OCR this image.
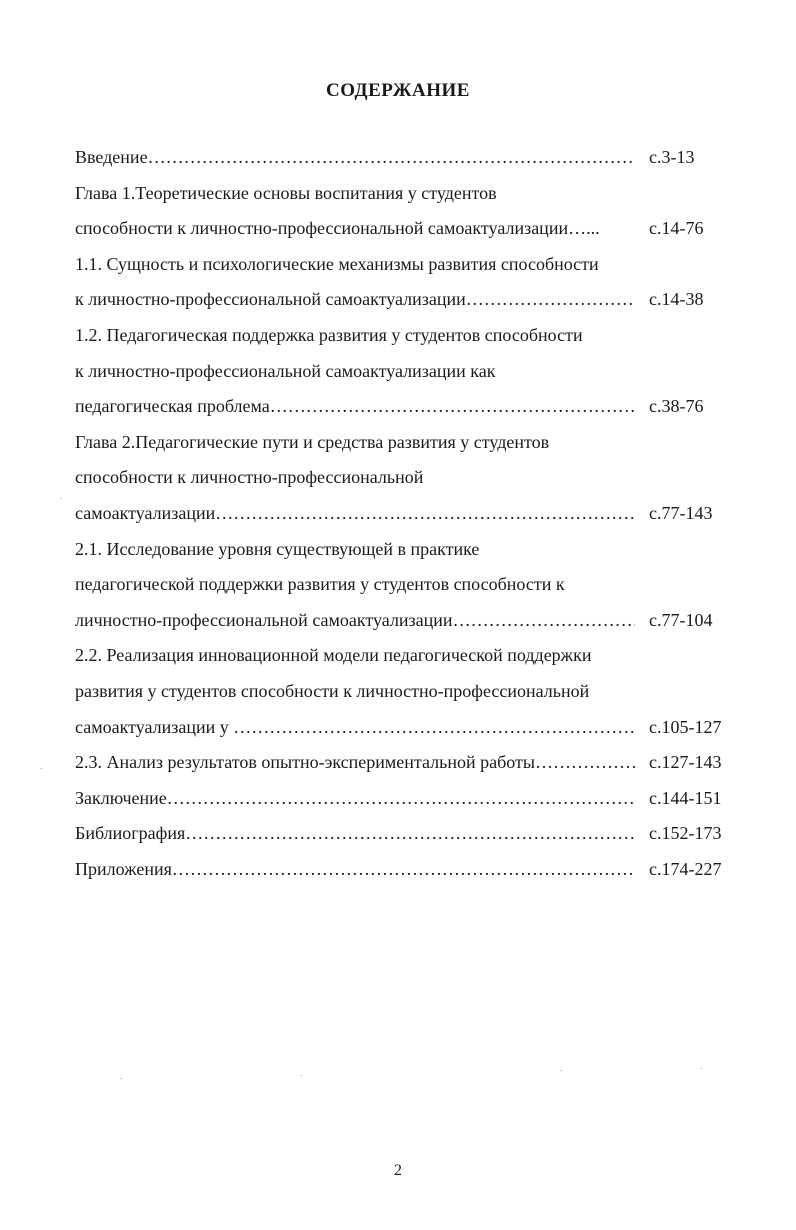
СОДЕРЖАНИЕ
Введение …………………………………………………………………………………………………………………………………	с.3-13
Глава 1.Теоретические основы воспитания у студентов
способности к личностно-профессиональной самоактуализации…...	с.14-76
1.1. Сущность и психологические механизмы развития способности
к личностно-профессиональной самоактуализации …………………………………………………………………………………………………………………………………	с.14-38
1.2. Педагогическая поддержка развития у студентов способности
к личностно-профессиональной самоактуализации как
педагогическая проблема …………………………………………………………………………………………………………………………………	с.38-76
Глава 2.Педагогические пути и средства развития у студентов
способности к личностно-профессиональной
самоактуализации …………………………………………………………………………………………………………………………………	с.77-143
2.1. Исследование уровня существующей в практике
педагогической поддержки развития у студентов способности к
личностно-профессиональной самоактуализации …………………………………………………………………………………………………………………………………	с.77-104
2.2. Реализация инновационной модели педагогической поддержки
развития у студентов способности к личностно-профессиональной
самоактуализации у …………………………………………………………………………………………………………………………………	с.105-127
2.3. Анализ результатов опытно-экспериментальной работы …………………………………………………………………………………………………………………………………	с.127-143
Заключение …………………………………………………………………………………………………………………………………	с.144-151
Библиография …………………………………………………………………………………………………………………………………	с.152-173
Приложения …………………………………………………………………………………………………………………………………	с.174-227
2
